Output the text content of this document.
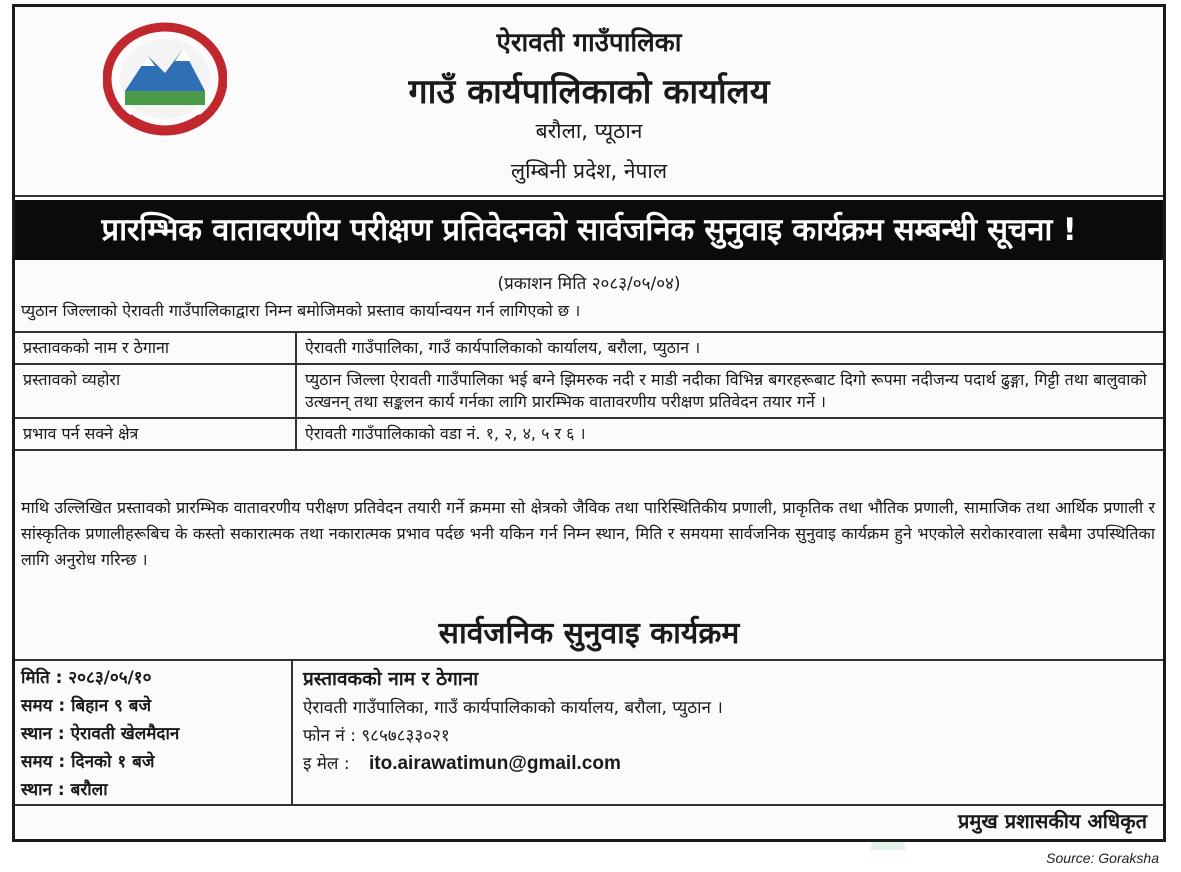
ऐरावती गाउँपालिका
गाउँ कार्यपालिकाको कार्यालय
बरौला, प्यूठान
लुम्बिनी प्रदेश, नेपाल
प्रारम्भिक वातावरणीय परीक्षण प्रतिवेदनको सार्वजनिक सुनुवाइ कार्यक्रम सम्बन्धी सूचना !
(प्रकाशन मिति २०८३/०५/०४)
प्युठान जिल्लाको ऐरावती गाउँपालिकाद्वारा निम्न बमोजिमको प्रस्ताव कार्यान्वयन गर्न लागिएको छ ।
प्रस्तावकको नाम र ठेगाना	ऐरावती गाउँपालिका, गाउँ कार्यपालिकाको कार्यालय, बरौला, प्युठान ।
प्रस्तावको व्यहोरा	प्युठान जिल्ला ऐरावती गाउँपालिका भई बग्ने झिमरुक नदी र माडी नदीका विभिन्न बगरहरूबाट दिगो रूपमा नदीजन्य पदार्थ ढुङ्गा, गिट्टी तथा बालुवाको उत्खनन् तथा सङ्कलन कार्य गर्नका लागि प्रारम्भिक वातावरणीय परीक्षण प्रतिवेदन तयार गर्ने ।
प्रभाव पर्न सक्ने क्षेत्र	ऐरावती गाउँपालिकाको वडा नं. १, २, ४, ५ र ६ ।
माथि उल्लिखित प्रस्तावको प्रारम्भिक वातावरणीय परीक्षण प्रतिवेदन तयारी गर्ने क्रममा सो क्षेत्रको जैविक तथा पारिस्थितिकीय प्रणाली, प्राकृतिक तथा भौतिक प्रणाली, सामाजिक तथा आर्थिक प्रणाली र सांस्कृतिक प्रणालीहरूबिच के कस्तो सकारात्मक तथा नकारात्मक प्रभाव पर्दछ भनी यकिन गर्न निम्न स्थान, मिति र समयमा सार्वजनिक सुनुवाइ कार्यक्रम हुने भएकोले सरोकारवाला सबैमा उपस्थितिका लागि अनुरोध गरिन्छ ।
सार्वजनिक सुनुवाइ कार्यक्रम
मिति : २०८३/०५/१०
समय : बिहान ९ बजे
स्थान : ऐरावती खेलमैदान
समय : दिनको १ बजे
स्थान : बरौला
प्रस्तावकको नाम र ठेगाना
ऐरावती गाउँपालिका, गाउँ कार्यपालिकाको कार्यालय, बरौला, प्युठान ।
फोन नं : ९८५७८३३०२१
इ मेल : ito.airawatimun@gmail.com
प्रमुख प्रशासकीय अधिकृत
Source: Goraksha
